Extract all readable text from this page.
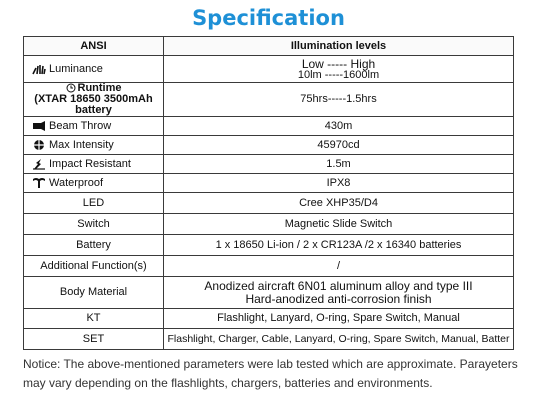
Specification
ANSI	Illumination levels

Luminance	Low ----- High
10lm -----1600lm

Runtime
(XTAR 18650 3500mAh
battery	75hrs-----1.5hrs

Beam Throw	430m

Max Intensity	45970cd

Impact Resistant	1.5m

Waterproof	IPX8
LED	Cree XHP35/D4
Switch	Magnetic Slide Switch
Battery	1 x 18650 Li-ion / 2 x CR123A /2 x 16340 batteries
Additional Function(s)	/
Body Material	Anodized aircraft 6N01 aluminum alloy and type III
Hard-anodized anti-corrosion finish
KT	Flashlight, Lanyard, O-ring, Spare Switch, Manual
SET	Flashlight, Charger, Cable, Lanyard, O-ring, Spare Switch, Manual, Batter
Notice: The above-mentioned parameters were lab tested which are approximate. Parayeters may vary depending on the flashlights, chargers, batteries and environments.
